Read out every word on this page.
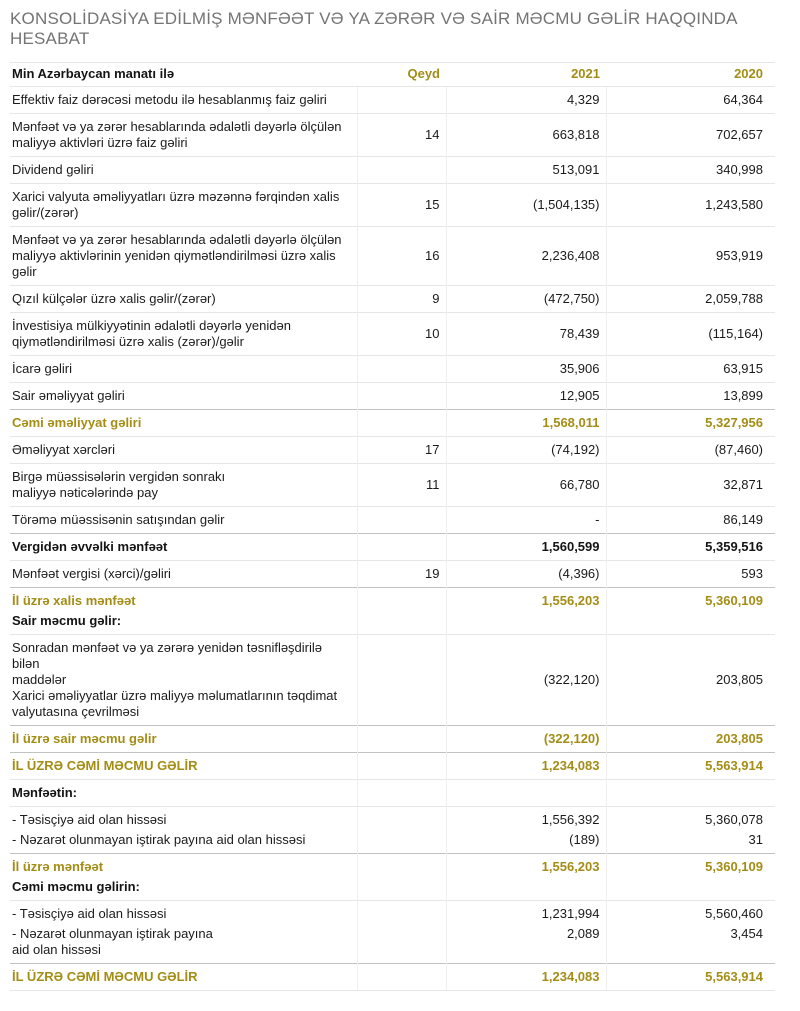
KONSOLİDASİYA EDİLMİŞ MƏNFƏƏT VƏ YA ZƏRƏR VƏ SAİR MƏCMU GƏLİR HAQQINDA HESABAT
Min Azərbaycan manatı ilə	Qeyd	2021	2020
Effektiv faiz dərəcəsi metodu ilə hesablanmış faiz gəliri		4,329	64,364

Mənfəət və ya zərər hesablarında ədalətli dəyərlə ölçülən
maliyyə aktivləri üzrə faiz gəliri	14	663,818	702,657
Dividend gəliri		513,091	340,998

Xarici valyuta əməliyyatları üzrə məzənnə fərqindən xalis
gəlir/(zərər)	15	(1,504,135)	1,243,580

Mənfəət və ya zərər hesablarında ədalətli dəyərlə ölçülən
maliyyə aktivlərinin yenidən qiymətləndirilməsi üzrə xalis
gəlir	16	2,236,408	953,919
Qızıl külçələr üzrə xalis gəlir/(zərər)	9	(472,750)	2,059,788

İnvestisiya mülkiyyətinin ədalətli dəyərlə yenidən
qiymətləndirilməsi üzrə xalis (zərər)/gəlir	10	78,439	(115,164)
İcarə gəliri		35,906	63,915
Sair əməliyyat gəliri		12,905	13,899
Cəmi əməliyyat gəliri		1,568,011	5,327,956
Əməliyyat xərcləri	17	(74,192)	(87,460)

Birgə müəssisələrin vergidən sonrakı
maliyyə nəticələrində pay	11	66,780	32,871
Törəmə müəssisənin satışından gəlir		-	86,149
Vergidən əvvəlki mənfəət		1,560,599	5,359,516
Mənfəət vergisi (xərci)/gəliri	19	(4,396)	593
İl üzrə xalis mənfəət		1,556,203	5,360,109
Sair məcmu gəlir:			

Sonradan mənfəət və ya zərərə yenidən təsnifləşdirilə bilən
maddələr
Xarici əməliyyatlar üzrə maliyyə məlumatlarının təqdimat
valyutasına çevrilməsi		(322,120)	203,805
İl üzrə sair məcmu gəlir		(322,120)	203,805
İL ÜZRƏ CƏMİ MƏCMU GƏLİR		1,234,083	5,563,914
Mənfəətin:			
- Təsisçiyə aid olan hissəsi		1,556,392	5,360,078
- Nəzarət olunmayan iştirak payına aid olan hissəsi		(189)	31
İl üzrə mənfəət		1,556,203	5,360,109
Cəmi məcmu gəlirin:			
- Təsisçiyə aid olan hissəsi		1,231,994	5,560,460

- Nəzarət olunmayan iştirak payına
aid olan hissəsi		2,089	3,454
İL ÜZRƏ CƏMİ MƏCMU GƏLİR		1,234,083	5,563,914
